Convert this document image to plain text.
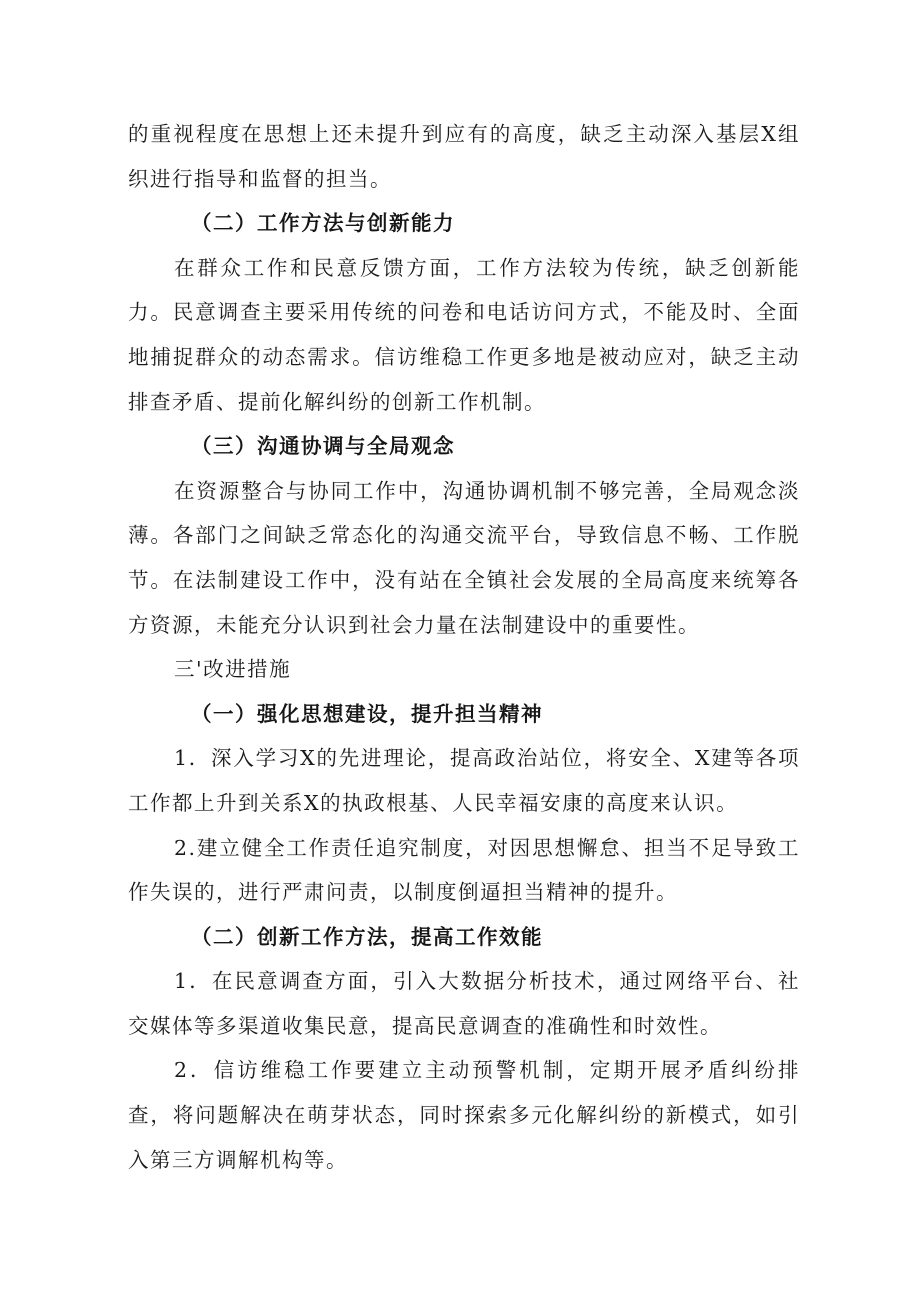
的重视程度在思想上还未提升到应有的高度，缺乏主动深入基层X组织进行指导和监督的担当。

（二）工作方法与创新能力

在群众工作和民意反馈方面，工作方法较为传统，缺乏创新能力。民意调查主要采用传统的问卷和电话访问方式，不能及时、全面地捕捉群众的动态需求。信访维稳工作更多地是被动应对，缺乏主动排查矛盾、提前化解纠纷的创新工作机制。

（三）沟通协调与全局观念

在资源整合与协同工作中，沟通协调机制不够完善，全局观念淡薄。各部门之间缺乏常态化的沟通交流平台，导致信息不畅、工作脱节。在法制建设工作中，没有站在全镇社会发展的全局高度来统筹各方资源，未能充分认识到社会力量在法制建设中的重要性。

三'改进措施

（一）强化思想建设，提升担当精神

1．深入学习X的先进理论，提高政治站位，将安全、X建等各项工作都上升到关系X的执政根基、人民幸福安康的高度来认识。

2.建立健全工作责任追究制度，对因思想懈怠、担当不足导致工作失误的，进行严肃问责，以制度倒逼担当精神的提升。

（二）创新工作方法，提高工作效能

1．在民意调查方面，引入大数据分析技术，通过网络平台、社交媒体等多渠道收集民意，提高民意调查的准确性和时效性。

2．信访维稳工作要建立主动预警机制，定期开展矛盾纠纷排查，将问题解决在萌芽状态，同时探索多元化解纠纷的新模式，如引入第三方调解机构等。
